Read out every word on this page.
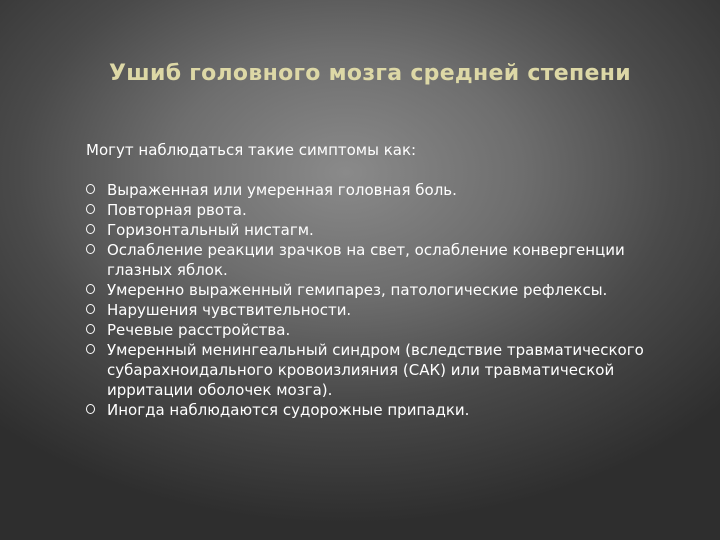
Ушиб головного мозга средней степени

Могут наблюдаться такие симптомы как:

Выраженная или умеренная головная боль.
Повторная рвота.
Горизонтальный нистагм.
Ослабление реакции зрачков на свет, ослабление конвергенции глазных яблок.
Умеренно выраженный гемипарез, патологические рефлексы.
Нарушения чувствительности.
Речевые расстройства.
Умеренный менингеальный синдром (вследствие травматического субарахноидального кровоизлияния (САК) или травматической ирритации оболочек мозга).
Иногда наблюдаются судорожные припадки.
